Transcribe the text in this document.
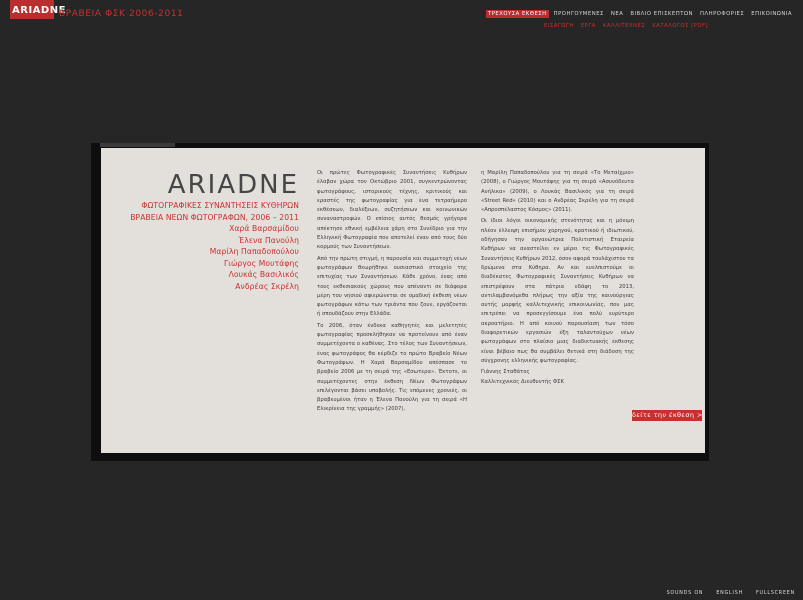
ARIADNE
ΒΡΑΒΕΙΑ ΦΣΚ 2006-2011	ΤΡΕΧΟΥΣΑ ΕΚΘΕΣΗ	ΠΡΟΗΓΟΥΜΕΝΕΣ	ΝΕΑ	ΒΙΒΛΙΟ ΕΠΙΣΚΕΠΤΩΝ	ΠΛΗΡΟΦΟΡΙΕΣ	ΕΠΙΚΟΙΝΩΝΙΑ
ΕΙΣΑΓΩΓΗ	ΕΡΓΑ	ΚΑΛΛΙΤΕΧΝΕΣ	ΚΑΤΑΛΟΓΟΣ [PDF]
ARIADNE
ΦΩΤΟΓΡΑΦΙΚΕΣ ΣΥΝΑΝΤΗΣΕΙΣ ΚΥΘΗΡΩΝ
ΒΡΑΒΕΙΑ ΝΕΩΝ ΦΩΤΟΓΡΑΦΩΝ, 2006 – 2011
Χαρά Βαρσαμίδου
Έλενα Πανούλη
Μαρίλη Παπαδοπούλου
Γιώργος Μουτάφης
Λουκάς Βασιλικός
Ανδρέας Σκρέλη

Οι πρώτες Φωτογραφικές Συναντήσεις Κυθήρων έλαβαν χώρα τον Οκτώβριο 2001, συγκεντρώνοντας φωτογράφους, ιστορικούς τέχνης, κριτικούς και εραστές της φωτογραφίας για ένα τετραήμερο εκθέσεων, διαλέξεων, συζητήσεων και κοινωνικών συναναστροφών. Ο επίσιος αυτός θεσμός γρήγορα απέκτησε εθνική εμβέλεια χάρη στο Συνέδριο για την Ελληνική Φωτογραφία που αποτελεί έναν από τους δύο κορμούς των Συναντήσεων.

Από την πρώτη στιγμή, η παρουσία και συμμετοχή νέων φωτογράφων θεωρήθηκε ουσιαστικό στοιχείο της επιτυχίας των Συναντήσεων. Κάθε χρόνο, ένας από τους εκθεσιακούς χώρους που απέναντι σε διάφορα μέρη του νησιού αφιερώνεται σε ομαδική έκθεση νέων φωτογράφων κάτω των τριάντα που ζουν, εργάζονται ή σπουδάζουν στην Ελλάδα.

Το 2006, όταν ένδεκα καθηγητές και μελετητές φωτογραφίας προσκλήθηκαν να προτείνουν από έναν συμμετέχοντα ο καθένας. Στο τέλος των Συναντήσεων, ένας φωτογράφος θα κέρδιζε το πρώτο Βραβείο Νέων Φωτογράφων. Η Χαρά Βαρσαμίδου απέσπασε το βραβείο 2006 με τη σειρά της «Εσωτερα». Έκτοτε, οι συμμετέχοντες στην έκθεση Νέων Φωτογράφων επιλέγονται βάσει υποβολής. Τις επόμενες χρονιές, οι βραβευμένοι ήταν η Έλενα Πανούλη για τη σειρά «Η Ελικρίνεια της γραμμής» (2007),

η Μαρίλη Παπαδοπούλου για τη σειρά «Το Μεταίχμιο» (2008), ο Γιώργος Μουτάφης για τη σειρά «Ασυνόδευτα Ανήλικα» (2009), ο Λουκάς Βασιλικός για τη σειρά «Street Red» (2010) και ο Ανδρέας Σκρέλη για τη σειρά «Απροσπέλαστος Κόσμος» (2011).

Οι ίδιοι λόγοι οικονομικής στενότητας και η μόνιμη πλέον έλλειψη επισήμου χορηγού, κρατικού ή ιδιωτικού, οδήγησαν την οργανώτρια Πολιτιστική Εταιρεία Κυθήρων να αναστείλει εν μέρει τις Φωτογραφικές Συναντήσεις Κυθήρων 2012, όσον αφορά τουλάχιστον τα δρώμενα στα Κύθηρα. Αν και ευελπιστούμε οι διαδέκατες Φωτογραφικές Συναντήσεις Κυθήρων να επιστρέψουν στα πάτρια εδάφη το 2013, αντιλαμβανόμεθα πλήρως την αξία της καινούργιας αυτής μορφής καλλιτεχνικής επικοινωνίας, που μας επιτρέπει να προσεγγίσουμε ένα πολύ ευρύτερο ακροατήριο. Η από κοινού παρουσίαση των τόσο διαφορετικών εργασιών έξη ταλαντούχων νέων φωτογράφων στο πλαίσιο μιας διαδικτυακής έκθεσης είναι βέβαιο πως θα συμβάλει θετικά στη διάδοση της σύγχρονης ελληνικής φωτογραφίας.

Γιάννης Σταθάτος
Καλλιτεχνικός Διευθυντής ΦΣΚ
δείτε την έκθεση >
SOUNDS ON	ENGLISH	FULLSCREEN
